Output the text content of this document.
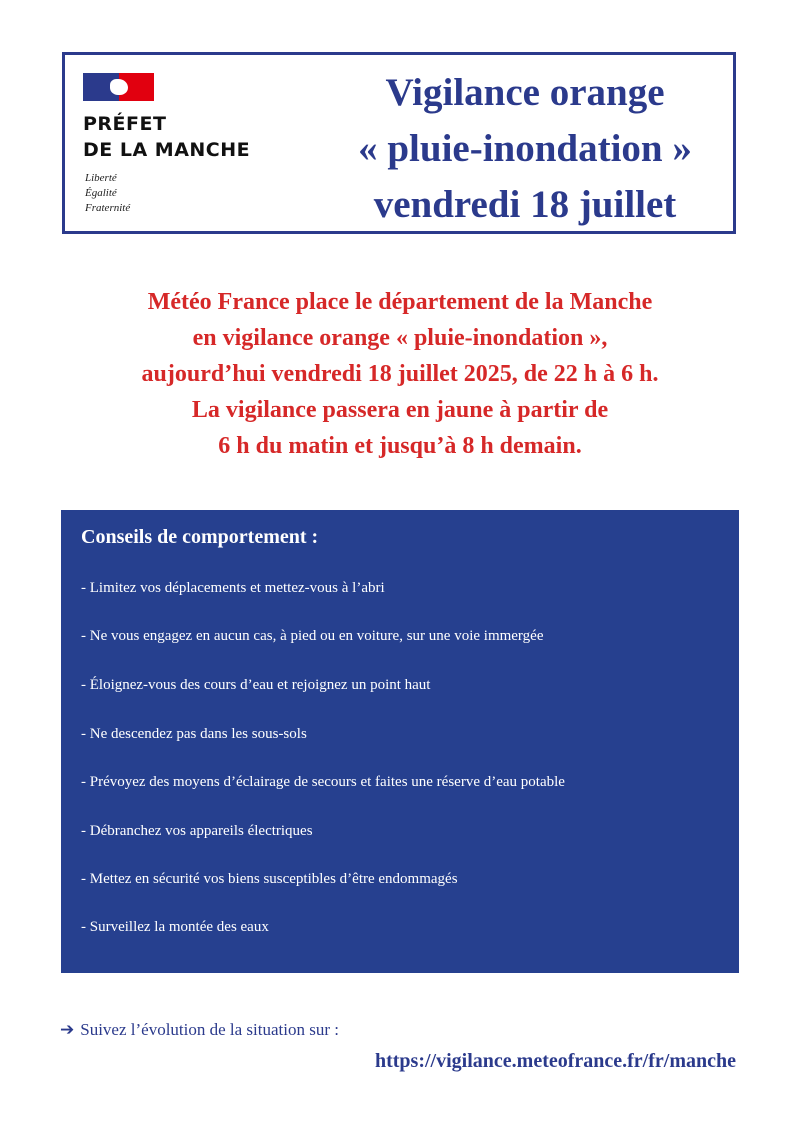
PRÉFET
DE LA MANCHE
Liberté
Égalité
Fraternité
Vigilance orange
« pluie-inondation »
vendredi 18 juillet
Météo France place le département de la Manche
en vigilance orange « pluie-inondation »,
aujourd’hui vendredi 18 juillet 2025, de 22 h à 6 h.
La vigilance passera en jaune à partir de
6 h du matin et jusqu’à 8 h demain.
Conseils de comportement :
- Limitez vos déplacements et mettez-vous à l’abri
- Ne vous engagez en aucun cas, à pied ou en voiture, sur une voie immergée
- Éloignez-vous des cours d’eau et rejoignez un point haut
- Ne descendez pas dans les sous-sols
- Prévoyez des moyens d’éclairage de secours et faites une réserve d’eau potable
- Débranchez vos appareils électriques
- Mettez en sécurité vos biens susceptibles d’être endommagés
- Surveillez la montée des eaux
➔ Suivez l’évolution de la situation sur :
https://vigilance.meteofrance.fr/fr/manche
